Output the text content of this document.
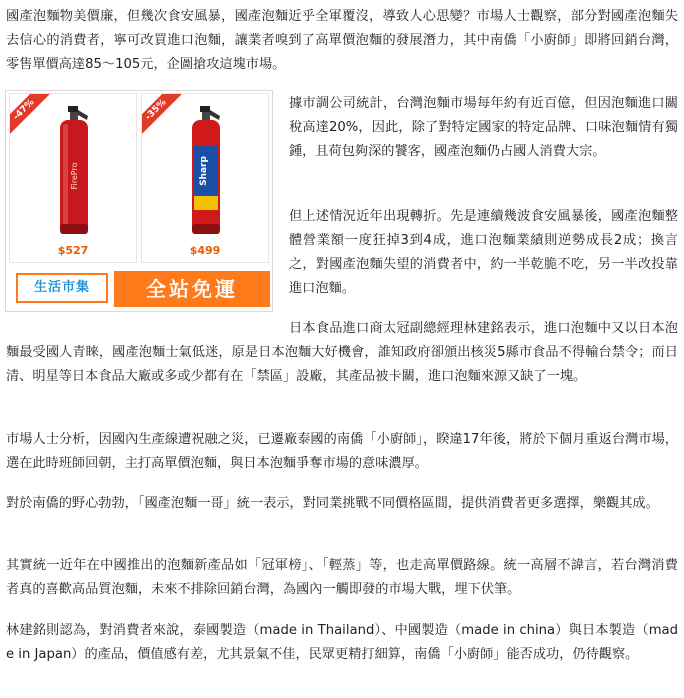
國產泡麵物美價廉，但幾次食安風暴，國產泡麵近乎全軍覆沒，導致人心思變？市場人士觀察，部分對國產泡麵失去信心的消費者，寧可改買進口泡麵，讓業者嗅到了高單價泡麵的發展潛力，其中南僑「小廚師」即將回銷台灣，零售單價高達85～105元，企圖搶攻這塊市場。

-47%
FirePro
$527
-35%
Sharp
$499
生活市集	全站免運

據市調公司統計，台灣泡麵市場每年約有近百億，但因泡麵進口關稅高達20%，因此，除了對特定國家的特定品牌、口味泡麵情有獨鍾，且荷包夠深的饕客，國產泡麵仍占國人消費大宗。

但上述情況近年出現轉折。先是連續幾波食安風暴後，國產泡麵整體營業額一度狂掉3到4成，進口泡麵業績則逆勢成長2成；換言之，對國產泡麵失望的消費者中，約一半乾脆不吃，另一半改投靠進口泡麵。

日本食品進口商太冠副總經理林建銘表示，進口泡麵中又以日本泡麵最受國人青睞，國產泡麵士氣低迷，原是日本泡麵大好機會，誰知政府卻頒出核災5縣市食品不得輸台禁令；而日清、明星等日本食品大廠或多或少都有在「禁區」設廠，其產品被卡關，進口泡麵來源又缺了一塊。

市場人士分析，因國內生產線遭祝融之災，已遷廠泰國的南僑「小廚師」，睽違17年後，將於下個月重返台灣市場，選在此時班師回朝，主打高單價泡麵，與日本泡麵爭奪市場的意味濃厚。

對於南僑的野心勃勃，「國產泡麵一哥」統一表示，對同業挑戰不同價格區間，提供消費者更多選擇，樂觀其成。

其實統一近年在中國推出的泡麵新產品如「冠軍榜」、「輕蒸」等，也走高單價路線。統一高層不諱言，若台灣消費者真的喜歡高品質泡麵，未來不排除回銷台灣，為國內一觸即發的市場大戰，埋下伏筆。

林建銘則認為，對消費者來說，泰國製造（made in Thailand）、中國製造（made in china）與日本製造（made in Japan）的產品，價值感有差，尤其景氣不佳，民眾更精打細算，南僑「小廚師」能否成功，仍待觀察。
